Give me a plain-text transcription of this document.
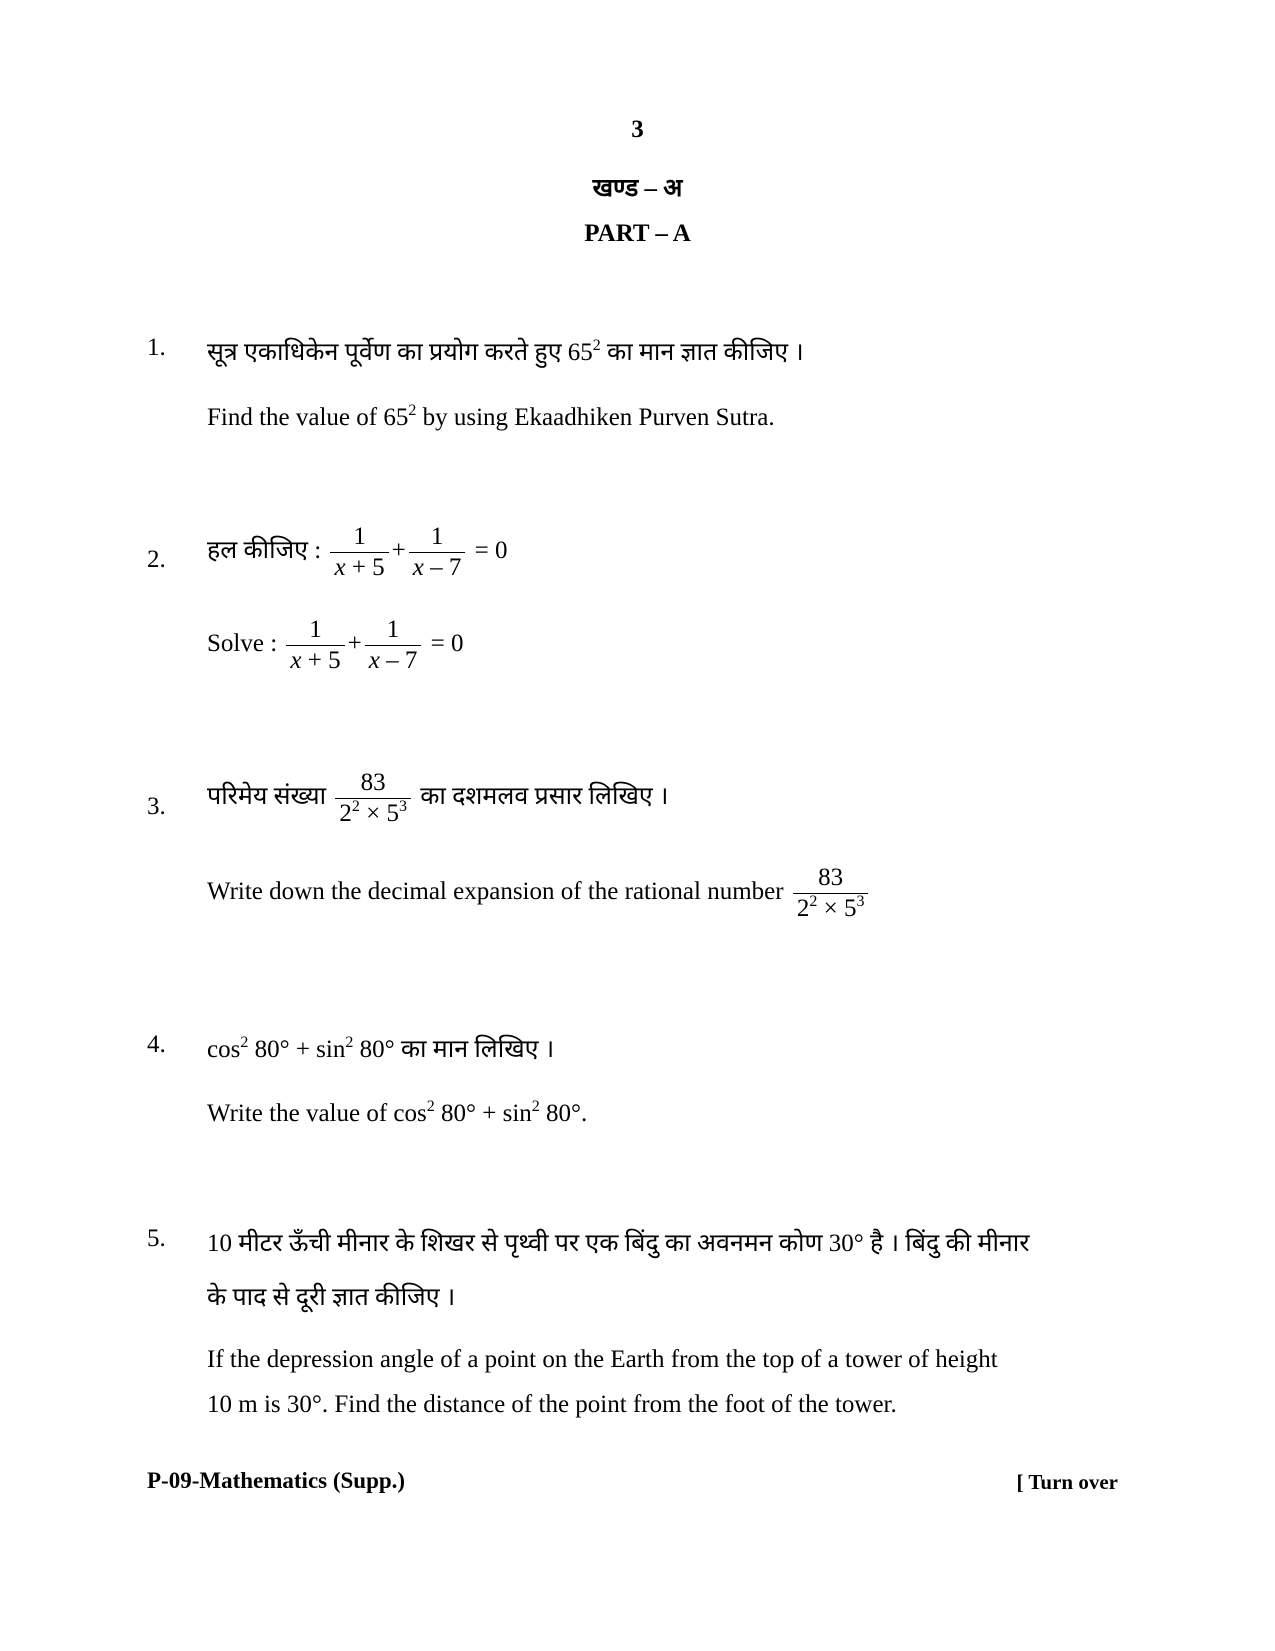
3
खण्ड – अ
PART – A
1. सूत्र एकाधिकेन पूर्वेण का प्रयोग करते हुए $65^2$ का मान ज्ञात कीजिए ।
Find the value of $65^2$ by using Ekaadhiken Purven Sutra.
2. हल कीजिए : $\frac{1}{x + 5} + \frac{1}{x - 7} = 0$
Solve : $\frac{1}{x + 5} + \frac{1}{x - 7} = 0$
3. परिमेय संख्या $\frac{83}{2^2 \times 5^3}$ का दशमलव प्रसार लिखिए ।
Write down the decimal expansion of the rational number $\frac{83}{2^2 \times 5^3}$
4. $\cos^2 80^\circ + \sin^2 80^\circ$ का मान लिखिए ।
Write the value of $\cos^2 80^\circ + \sin^2 80^\circ$.
5. 10 मीटर ऊँची मीनार के शिखर से पृथ्वी पर एक बिंदु का अवनमन कोण 30° है । बिंदु की मीनार
के पाद से दूरी ज्ञात कीजिए ।
If the depression angle of a point on the Earth from the top of a tower of height
10 m is 30°. Find the distance of the point from the foot of the tower.
P-09-Mathematics (Supp.)	[ Turn over
